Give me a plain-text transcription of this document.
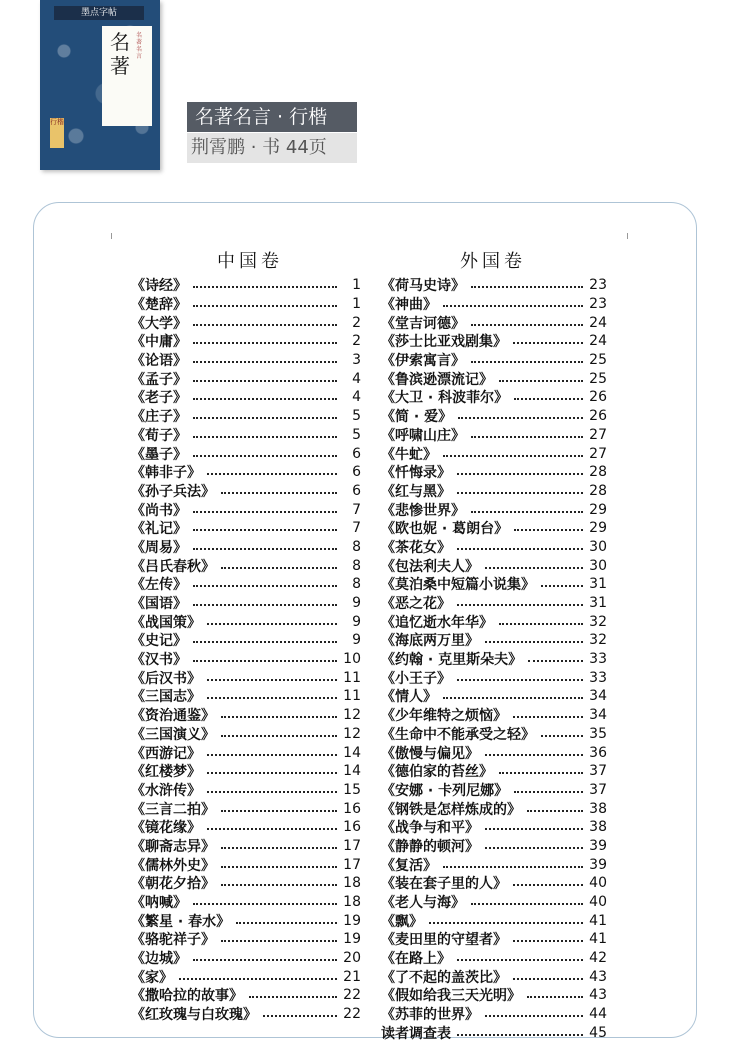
墨点字帖
名著
名著名言
行楷	名著名言 · 行楷
荆霄鹏 · 书 44页
中国卷	外国卷
《诗经》	1
《楚辞》	1
《大学》	2
《中庸》	2
《论语》	3
《孟子》	4
《老子》	4
《庄子》	5
《荀子》	5
《墨子》	6
《韩非子》	6
《孙子兵法》	6
《尚书》	7
《礼记》	7
《周易》	8
《吕氏春秋》	8
《左传》	8
《国语》	9
《战国策》	9
《史记》	9
《汉书》	10
《后汉书》	11
《三国志》	11
《资治通鉴》	12
《三国演义》	12
《西游记》	14
《红楼梦》	14
《水浒传》	15
《三言二拍》	16
《镜花缘》	16
《聊斋志异》	17
《儒林外史》	17
《朝花夕拾》	18
《呐喊》	18
《繁星 · 春水》	19
《骆驼祥子》	19
《边城》	20
《家》	21
《撒哈拉的故事》	22
《红玫瑰与白玫瑰》	22
《荷马史诗》	23
《神曲》	23
《堂吉诃德》	24
《莎士比亚戏剧集》	24
《伊索寓言》	25
《鲁滨逊漂流记》	25
《大卫 · 科波菲尔》	26
《简 · 爱》	26
《呼啸山庄》	27
《牛虻》	27
《忏悔录》	28
《红与黑》	28
《悲惨世界》	29
《欧也妮 · 葛朗台》	29
《茶花女》	30
《包法利夫人》	30
《莫泊桑中短篇小说集》	31
《恶之花》	31
《追忆逝水年华》	32
《海底两万里》	32
《约翰 · 克里斯朵夫》	33
《小王子》	33
《情人》	34
《少年维特之烦恼》	34
《生命中不能承受之轻》	35
《傲慢与偏见》	36
《德伯家的苔丝》	37
《安娜 · 卡列尼娜》	37
《钢铁是怎样炼成的》	38
《战争与和平》	38
《静静的顿河》	39
《复活》	39
《装在套子里的人》	40
《老人与海》	40
《飘》	41
《麦田里的守望者》	41
《在路上》	42
《了不起的盖茨比》	43
《假如给我三天光明》	43
《苏菲的世界》	44
读者调查表	45
